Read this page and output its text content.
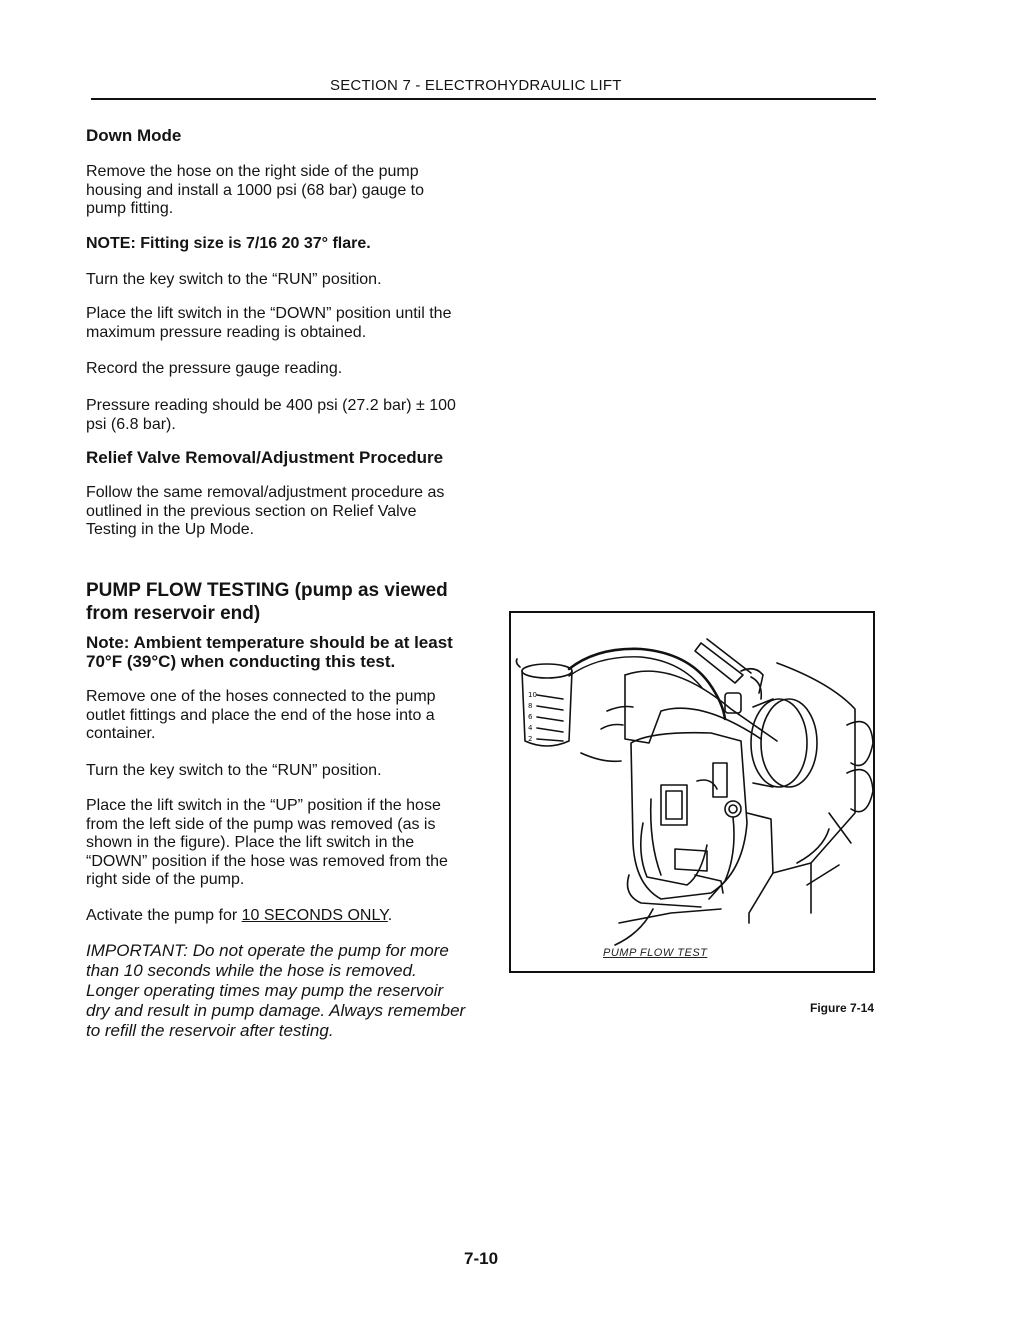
SECTION 7 - ELECTROHYDRAULIC LIFT
Down Mode

Remove the hose on the right side of the pump housing and install a 1000 psi (68 bar) gauge to pump fitting.

NOTE: Fitting size is 7/16 20 37° flare.

Turn the key switch to the “RUN” position.

Place the lift switch in the “DOWN” position until the maximum pressure reading is obtained.

Record the pressure gauge reading.

Pressure reading should be 400 psi (27.2 bar) ± 100 psi (6.8 bar).

Relief Valve Removal/Adjustment Procedure

Follow the same removal/adjustment procedure as outlined in the previous section on Relief Valve Testing in the Up Mode.

PUMP FLOW TESTING (pump as viewed from reservoir end)

Note: Ambient temperature should be at least 70°F (39°C) when conducting this test.

Remove one of the hoses connected to the pump outlet fittings and place the end of the hose into a container.

Turn the key switch to the “RUN” position.

Place the lift switch in the “UP” position if the hose from the left side of the pump was removed (as is shown in the figure). Place the lift switch in the “DOWN” position if the hose was removed from the right side of the pump.

Activate the pump for 10 SECONDS ONLY.

IMPORTANT: Do not operate the pump for more than 10 seconds while the hose is removed. Longer operating times may pump the reservoir dry and result in pump damage. Always remember to refill the reservoir after testing.

10
8
6
4
2
PUMP FLOW TEST
Figure 7-14
7-10
